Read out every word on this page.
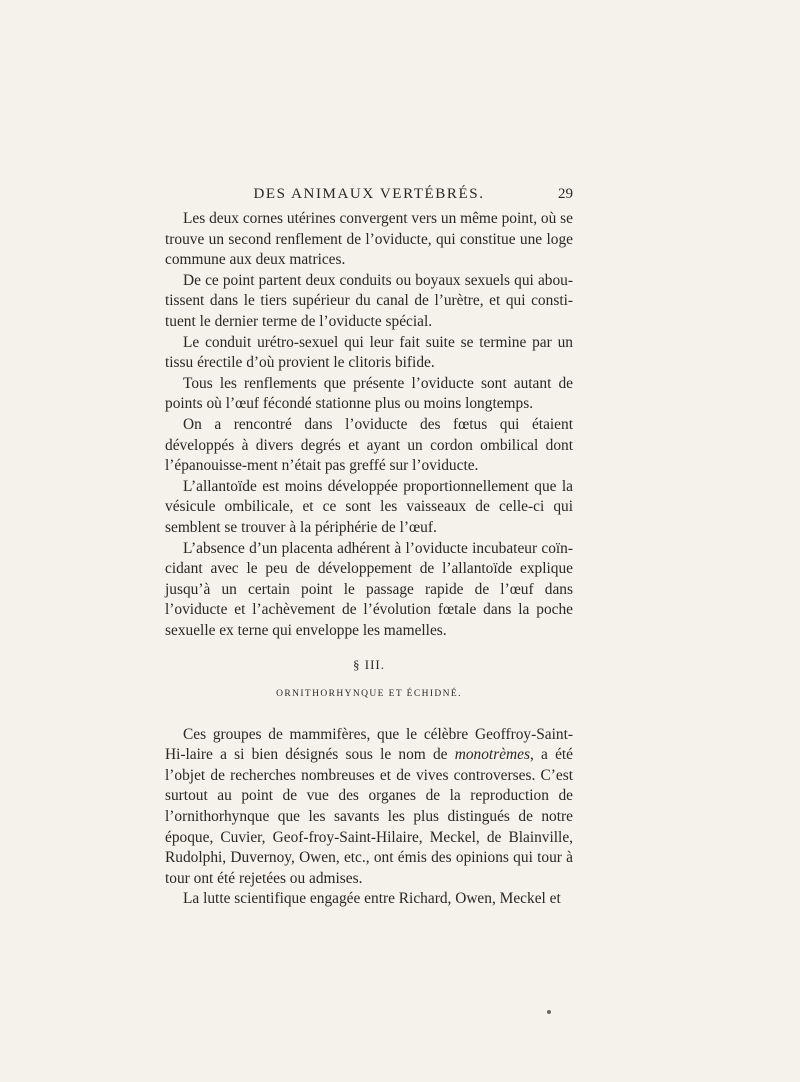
DES ANIMAUX VERTÉBRÉS.	29

Les deux cornes utérines convergent vers un même point, où se trouve un second renflement de l’oviducte, qui constitue une loge commune aux deux matrices.

De ce point partent deux conduits ou boyaux sexuels qui abou-tissent dans le tiers supérieur du canal de l’urètre, et qui consti-tuent le dernier terme de l’oviducte spécial.

Le conduit urétro-sexuel qui leur fait suite se termine par un tissu érectile d’où provient le clitoris bifide.

Tous les renflements que présente l’oviducte sont autant de points où l’œuf fécondé stationne plus ou moins longtemps.

On a rencontré dans l’oviducte des fœtus qui étaient développés à divers degrés et ayant un cordon ombilical dont l’épanouisse-ment n’était pas greffé sur l’oviducte.

L’allantoïde est moins développée proportionnellement que la vésicule ombilicale, et ce sont les vaisseaux de celle-ci qui semblent se trouver à la périphérie de l’œuf.

L’absence d’un placenta adhérent à l’oviducte incubateur coïn-cidant avec le peu de développement de l’allantoïde explique jusqu’à un certain point le passage rapide de l’œuf dans l’oviducte et l’achèvement de l’évolution fœtale dans la poche sexuelle ex terne qui enveloppe les mamelles.

§ III.
ORNITHORHYNQUE ET ÉCHIDNÉ.

Ces groupes de mammifères, que le célèbre Geoffroy-Saint-Hi-laire a si bien désignés sous le nom de monotrèmes, a été l’objet de recherches nombreuses et de vives controverses. C’est surtout au point de vue des organes de la reproduction de l’ornithorhynque que les savants les plus distingués de notre époque, Cuvier, Geof-froy-Saint-Hilaire, Meckel, de Blainville, Rudolphi, Duvernoy, Owen, etc., ont émis des opinions qui tour à tour ont été rejetées ou admises.

La lutte scientifique engagée entre Richard, Owen, Meckel et
